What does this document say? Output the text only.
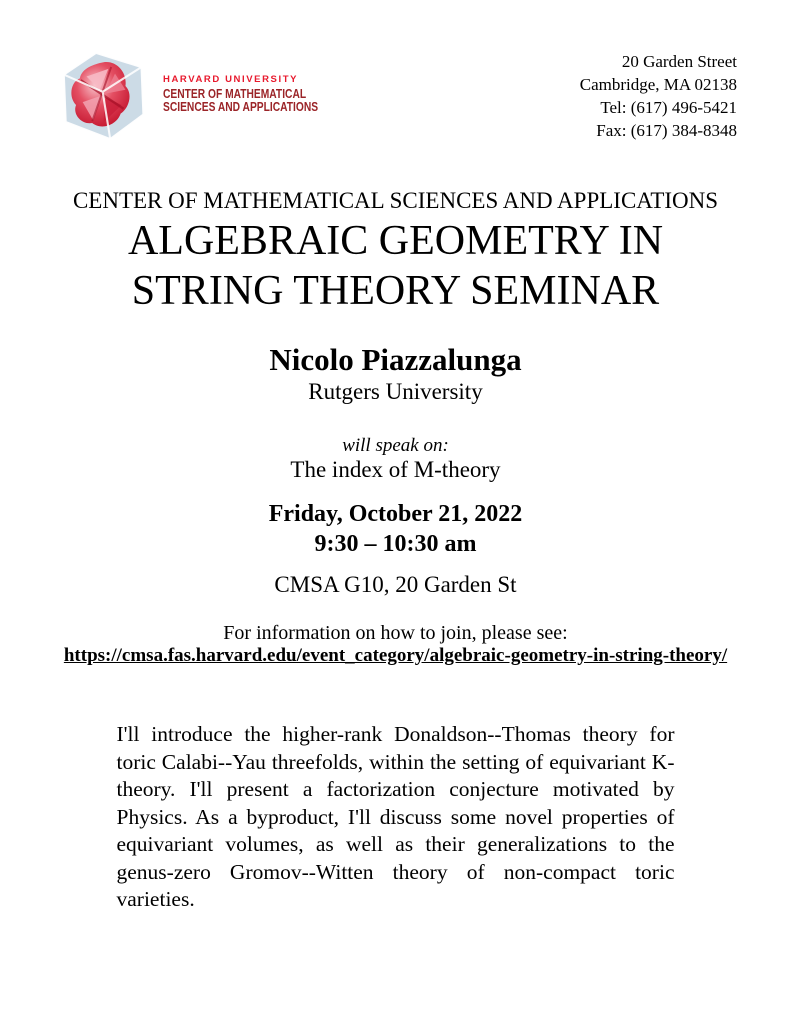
HARVARD UNIVERSITY
CENTER OF MATHEMATICAL
SCIENCES AND APPLICATIONS
20 Garden Street
Cambridge, MA 02138
Tel: (617) 496-5421
Fax: (617) 384-8348
CENTER OF MATHEMATICAL SCIENCES AND APPLICATIONS
ALGEBRAIC GEOMETRY IN
STRING THEORY SEMINAR
Nicolo Piazzalunga
Rutgers University
will speak on:
The index of M-theory
Friday, October 21, 2022
9:30 – 10:30 am
CMSA G10, 20 Garden St
For information on how to join, please see:
https://cmsa.fas.harvard.edu/event_category/algebraic-geometry-in-string-theory/
I'll introduce the higher-rank Donaldson--Thomas theory for toric Calabi--Yau threefolds, within the setting of equivariant K-theory. I'll present a factorization conjecture motivated by Physics. As a byproduct, I'll discuss some novel properties of equivariant volumes, as well as their generalizations to the genus-zero Gromov--Witten theory of non-compact toric varieties.
